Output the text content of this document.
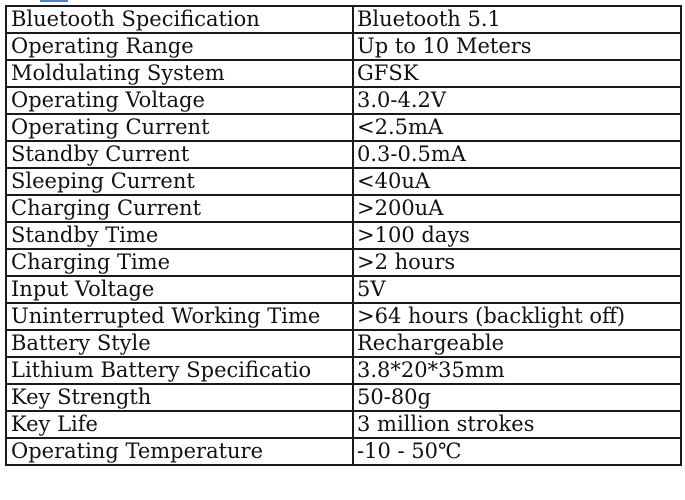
Bluetooth Specification	Bluetooth 5.1
Operating Range	Up to 10 Meters
Moldulating System	GFSK
Operating Voltage	3.0-4.2V
Operating Current	<2.5mA
Standby Current	0.3-0.5mA
Sleeping Current	<40uA
Charging Current	>200uA
Standby Time	>100 days
Charging Time	>2 hours
Input Voltage	5V
Uninterrupted Working Time	>64 hours (backlight off)
Battery Style	Rechargeable
Lithium Battery Specificatio	3.8*20*35mm
Key Strength	50-80g
Key Life	3 million strokes
Operating Temperature	-10 - 50℃
